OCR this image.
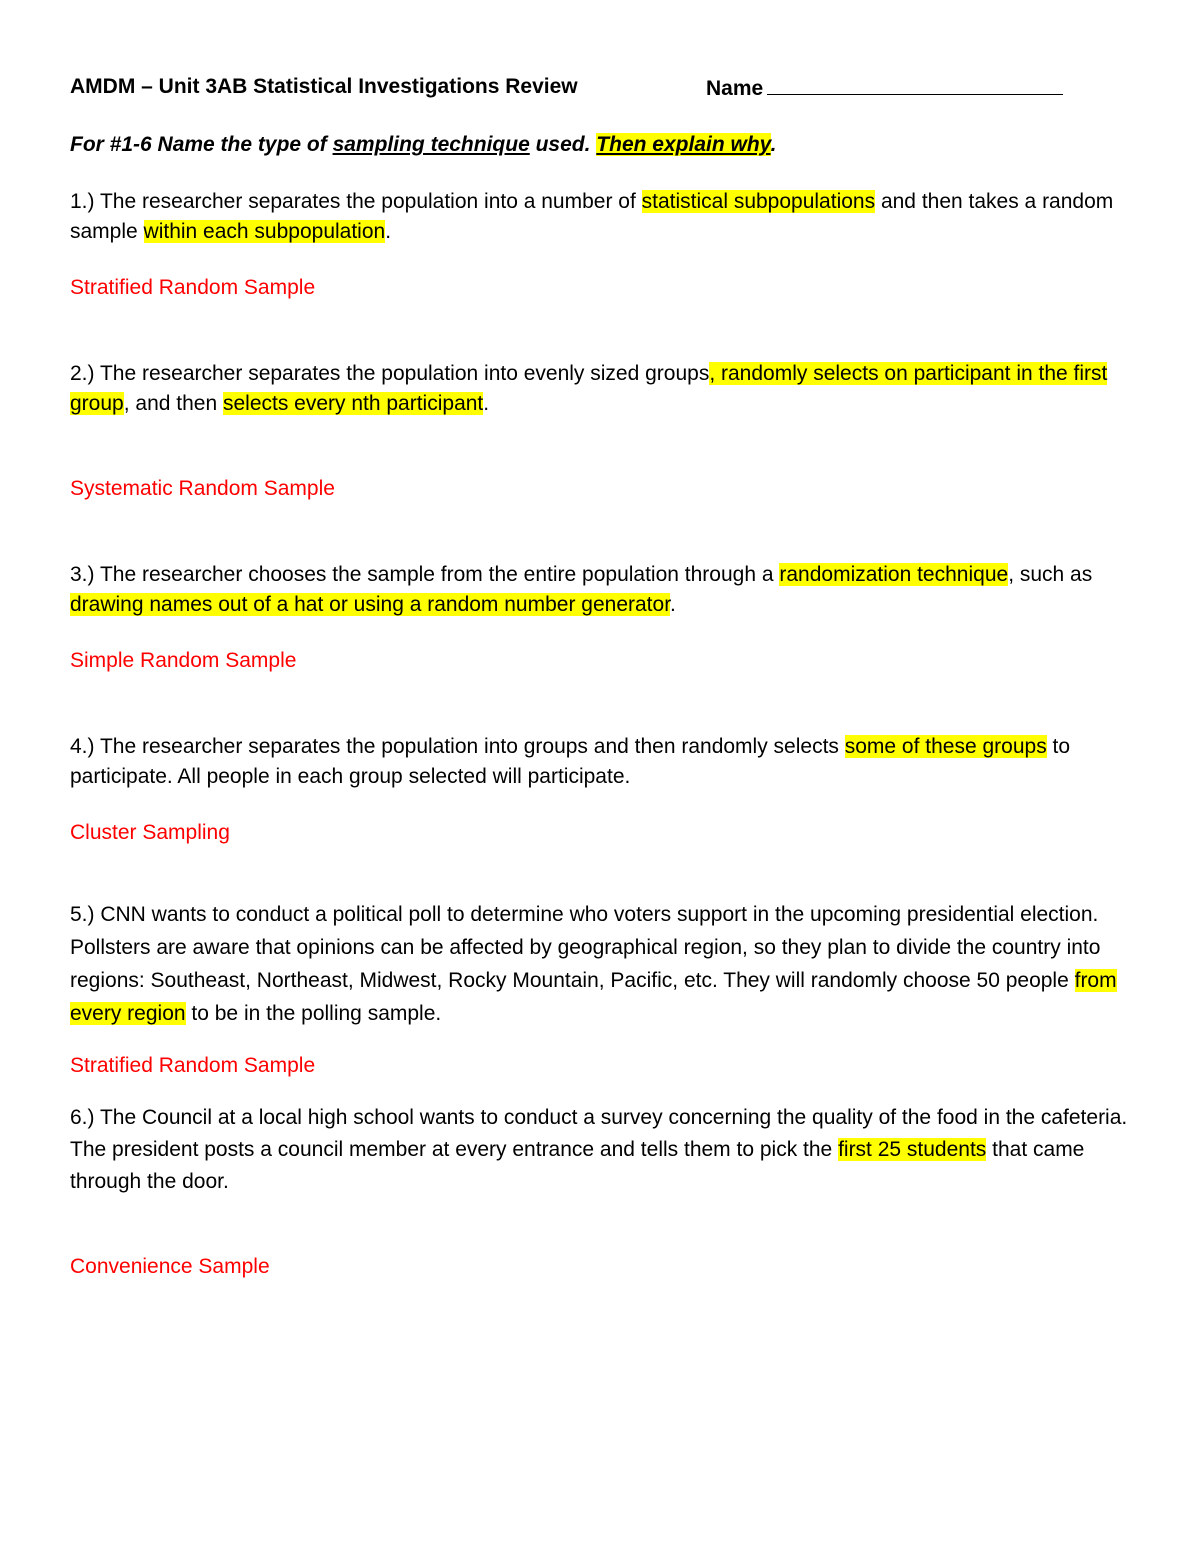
AMDM – Unit 3AB Statistical Investigations Review	Name
For #1-6 Name the type of sampling technique used. Then explain why.
1.) The researcher separates the population into a number of statistical subpopulations and then takes a random sample within each subpopulation.
Stratified Random Sample
2.) The researcher separates the population into evenly sized groups, randomly selects on participant in the first group, and then selects every nth participant.
Systematic Random Sample
3.) The researcher chooses the sample from the entire population through a randomization technique, such as drawing names out of a hat or using a random number generator.
Simple Random Sample
4.) The researcher separates the population into groups and then randomly selects some of these groups to participate. All people in each group selected will participate.
Cluster Sampling
5.) CNN wants to conduct a political poll to determine who voters support in the upcoming presidential election. Pollsters are aware that opinions can be affected by geographical region, so they plan to divide the country into regions: Southeast, Northeast, Midwest, Rocky Mountain, Pacific, etc. They will randomly choose 50 people from every region to be in the polling sample.
Stratified Random Sample
6.) The Council at a local high school wants to conduct a survey concerning the quality of the food in the cafeteria. The president posts a council member at every entrance and tells them to pick the first 25 students that came through the door.
Convenience Sample
